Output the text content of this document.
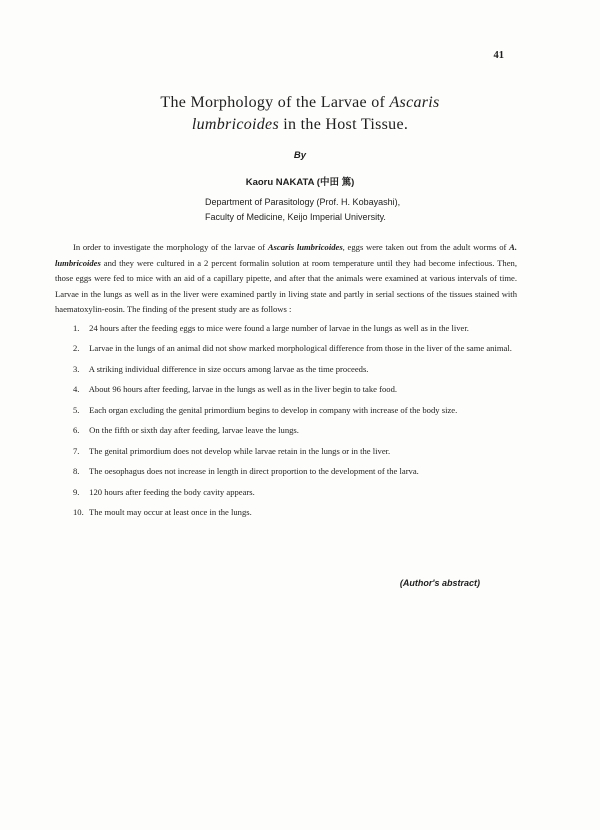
41
The Morphology of the Larvae of Ascaris
lumbricoides in the Host Tissue.
By
Kaoru NAKATA (中田 篤)
Department of Parasitology (Prof. H. Kobayashi),
Faculty of Medicine, Keijo Imperial University.

In order to investigate the morphology of the larvae of Ascaris lumbricoides, eggs were taken out from the adult worms of A. lumbricoides and they were cultured in a 2 percent formalin solution at room temperature until they had become infectious. Then, those eggs were fed to mice with an aid of a capillary pipette, and after that the animals were examined at various intervals of time. Larvae in the lungs as well as in the liver were examined partly in living state and partly in serial sections of the tissues stained with haematoxylin-eosin. The finding of the present study are as follows :

1. 24 hours after the feeding eggs to mice were found a large number of larvae in the lungs as well as in the liver.
2. Larvae in the lungs of an animal did not show marked morphological difference from those in the liver of the same animal.
3. A striking individual difference in size occurs among larvae as the time proceeds.
4. About 96 hours after feeding, larvae in the lungs as well as in the liver begin to take food.
5. Each organ excluding the genital primordium begins to develop in company with increase of the body size.
6. On the fifth or sixth day after feeding, larvae leave the lungs.
7. The genital primordium does not develop while larvae retain in the lungs or in the liver.
8. The oesophagus does not increase in length in direct proportion to the development of the larva.
9. 120 hours after feeding the body cavity appears.
10. The moult may occur at least once in the lungs.
(Author's abstract)
